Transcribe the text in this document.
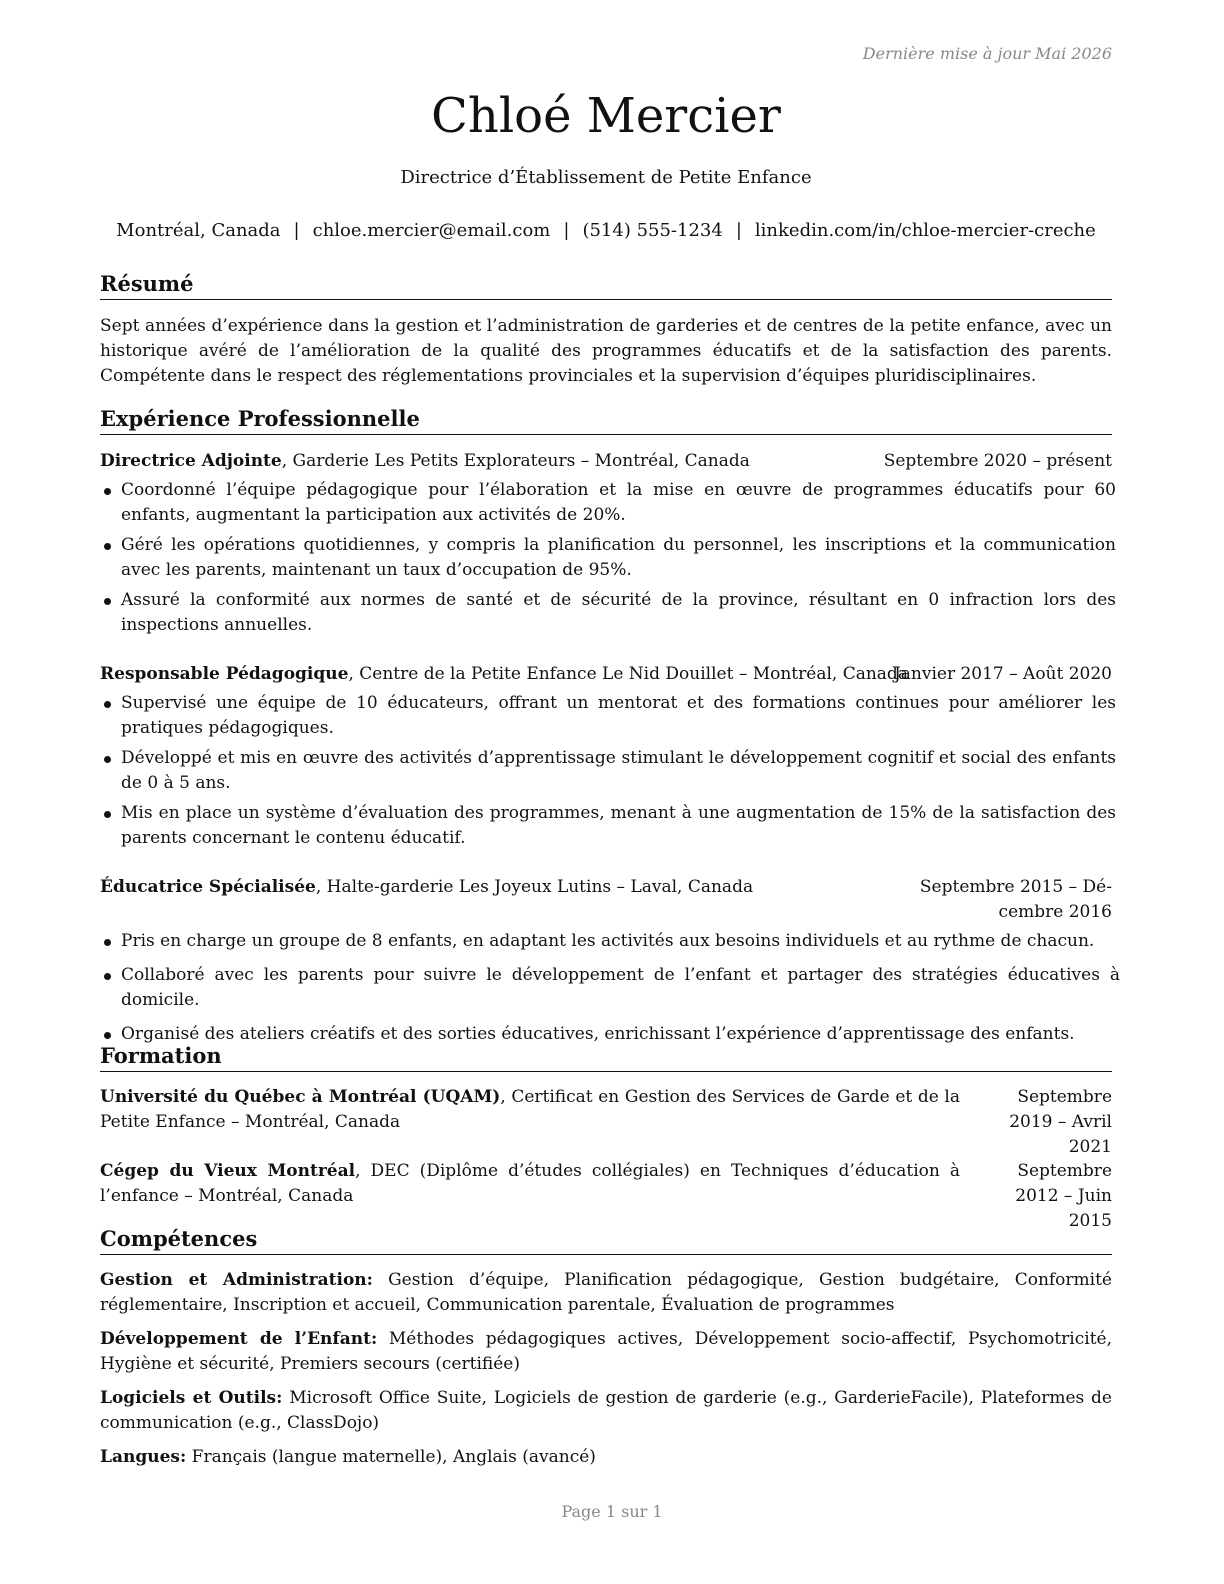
Dernière mise à jour Mai 2026
Chloé Mercier
Directrice d’Établissement de Petite Enfance
Montréal, Canada | chloe.mercier@email.com | (514) 555-1234 | linkedin.com/in/chloe-mercier-creche
Résumé
Sept années d’expérience dans la gestion et l’administration de garderies et de centres de la petite enfance, avec un historique avéré de l’amélioration de la qualité des programmes éducatifs et de la satisfaction des parents. Compétente dans le respect des réglementations provinciales et la supervision d’équipes pluridisciplinaires.
Expérience Professionnelle
Directrice Adjointe, Garderie Les Petits Explorateurs – Montréal, Canada	Septembre 2020 – présent
Coordonné l’équipe pédagogique pour l’élaboration et la mise en œuvre de programmes éducatifs pour 60 enfants, augmentant la participation aux activités de 20%.
Géré les opérations quotidiennes, y compris la planification du personnel, les inscriptions et la communication avec les parents, maintenant un taux d’occupation de 95%.
Assuré la conformité aux normes de santé et de sécurité de la province, résultant en 0 infraction lors des inspections annuelles.
Responsable Pédagogique, Centre de la Petite Enfance Le Nid Douillet – Montréal, Canada
Janvier 2017 – Août 2020
Supervisé une équipe de 10 éducateurs, offrant un mentorat et des formations continues pour améliorer les pratiques pédagogiques.
Développé et mis en œuvre des activités d’apprentissage stimulant le développement cognitif et social des enfants de 0 à 5 ans.
Mis en place un système d’évaluation des programmes, menant à une augmentation de 15% de la satisfaction des parents concernant le contenu éducatif.
Éducatrice Spécialisée, Halte-garderie Les Joyeux Lutins – Laval, Canada	Septembre 2015 – Dé-
cembre 2016
Pris en charge un groupe de 8 enfants, en adaptant les activités aux besoins individuels et au rythme de chacun.
Collaboré avec les parents pour suivre le développement de l’enfant et partager des stratégies éducatives à domicile.
Organisé des ateliers créatifs et des sorties éducatives, enrichissant l’expérience d’apprentissage des enfants.
Formation
Université du Québec à Montréal (UQAM), Certificat en Gestion des Services de Garde et de la Petite Enfance – Montréal, Canada
Septembre 2019 – Avril
2021
Cégep du Vieux Montréal, DEC (Diplôme d’études collégiales) en Techniques d’éducation à l’enfance – Montréal, Canada
Septembre 2012 – Juin
2015
Compétences
Gestion et Administration: Gestion d’équipe, Planification pédagogique, Gestion budgétaire, Conformité réglementaire, Inscription et accueil, Communication parentale, Évaluation de programmes
Développement de l’Enfant: Méthodes pédagogiques actives, Développement socio-affectif, Psychomotricité, Hygiène et sécurité, Premiers secours (certifiée)
Logiciels et Outils: Microsoft Office Suite, Logiciels de gestion de garderie (e.g., GarderieFacile), Plateformes de communication (e.g., ClassDojo)
Langues: Français (langue maternelle), Anglais (avancé)
Page 1 sur 1
